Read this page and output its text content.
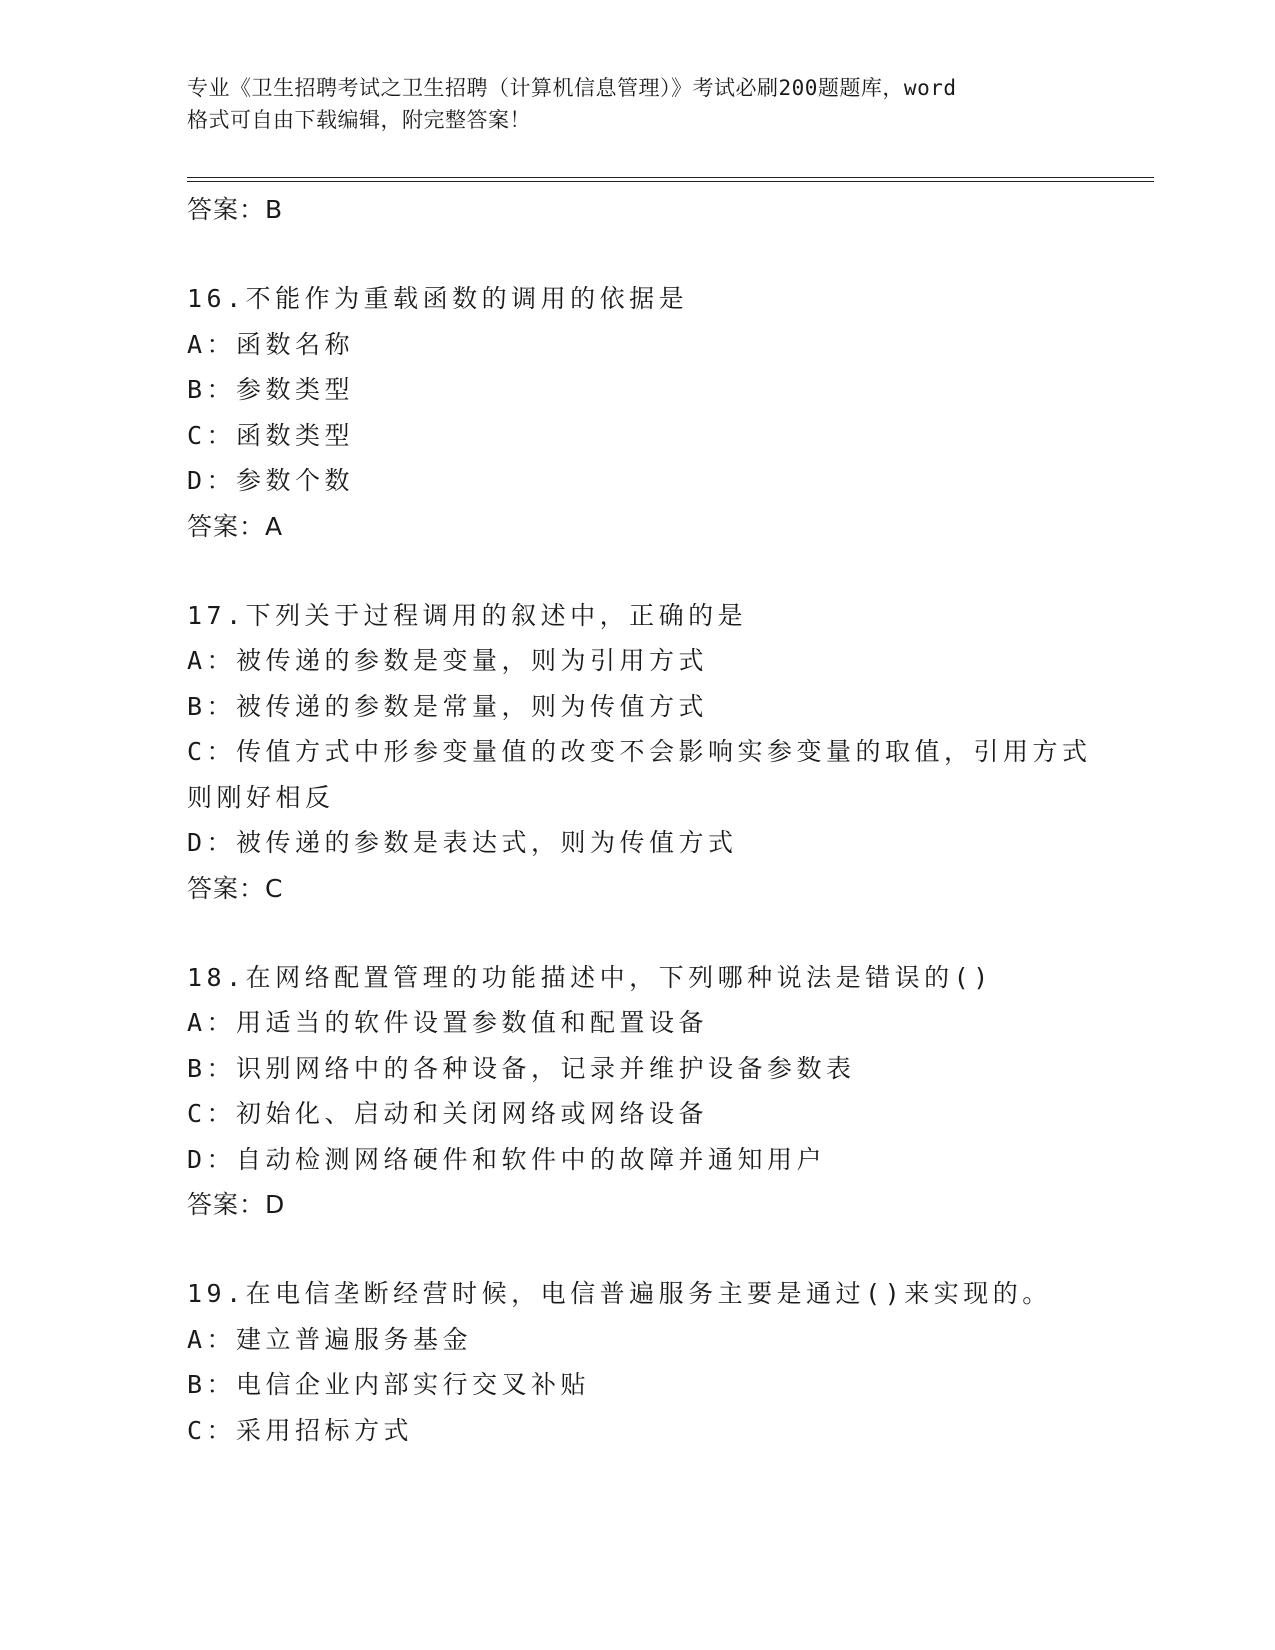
专业《卫生招聘考试之卫生招聘（计算机信息管理）》考试必刷200题题库，word
格式可自由下载编辑，附完整答案！
答案：B
16.不能作为重载函数的调用的依据是
A：函数名称
B：参数类型
C：函数类型
D：参数个数
答案：A
17.下列关于过程调用的叙述中，正确的是
A：被传递的参数是变量，则为引用方式
B：被传递的参数是常量，则为传值方式
C：传值方式中形参变量值的改变不会影响实参变量的取值，引用方式
则刚好相反
D：被传递的参数是表达式，则为传值方式
答案：C
18.在网络配置管理的功能描述中，下列哪种说法是错误的()
A：用适当的软件设置参数值和配置设备
B：识别网络中的各种设备，记录并维护设备参数表
C：初始化、启动和关闭网络或网络设备
D：自动检测网络硬件和软件中的故障并通知用户
答案：D
19.在电信垄断经营时候，电信普遍服务主要是通过()来实现的。
A：建立普遍服务基金
B：电信企业内部实行交叉补贴
C：采用招标方式
